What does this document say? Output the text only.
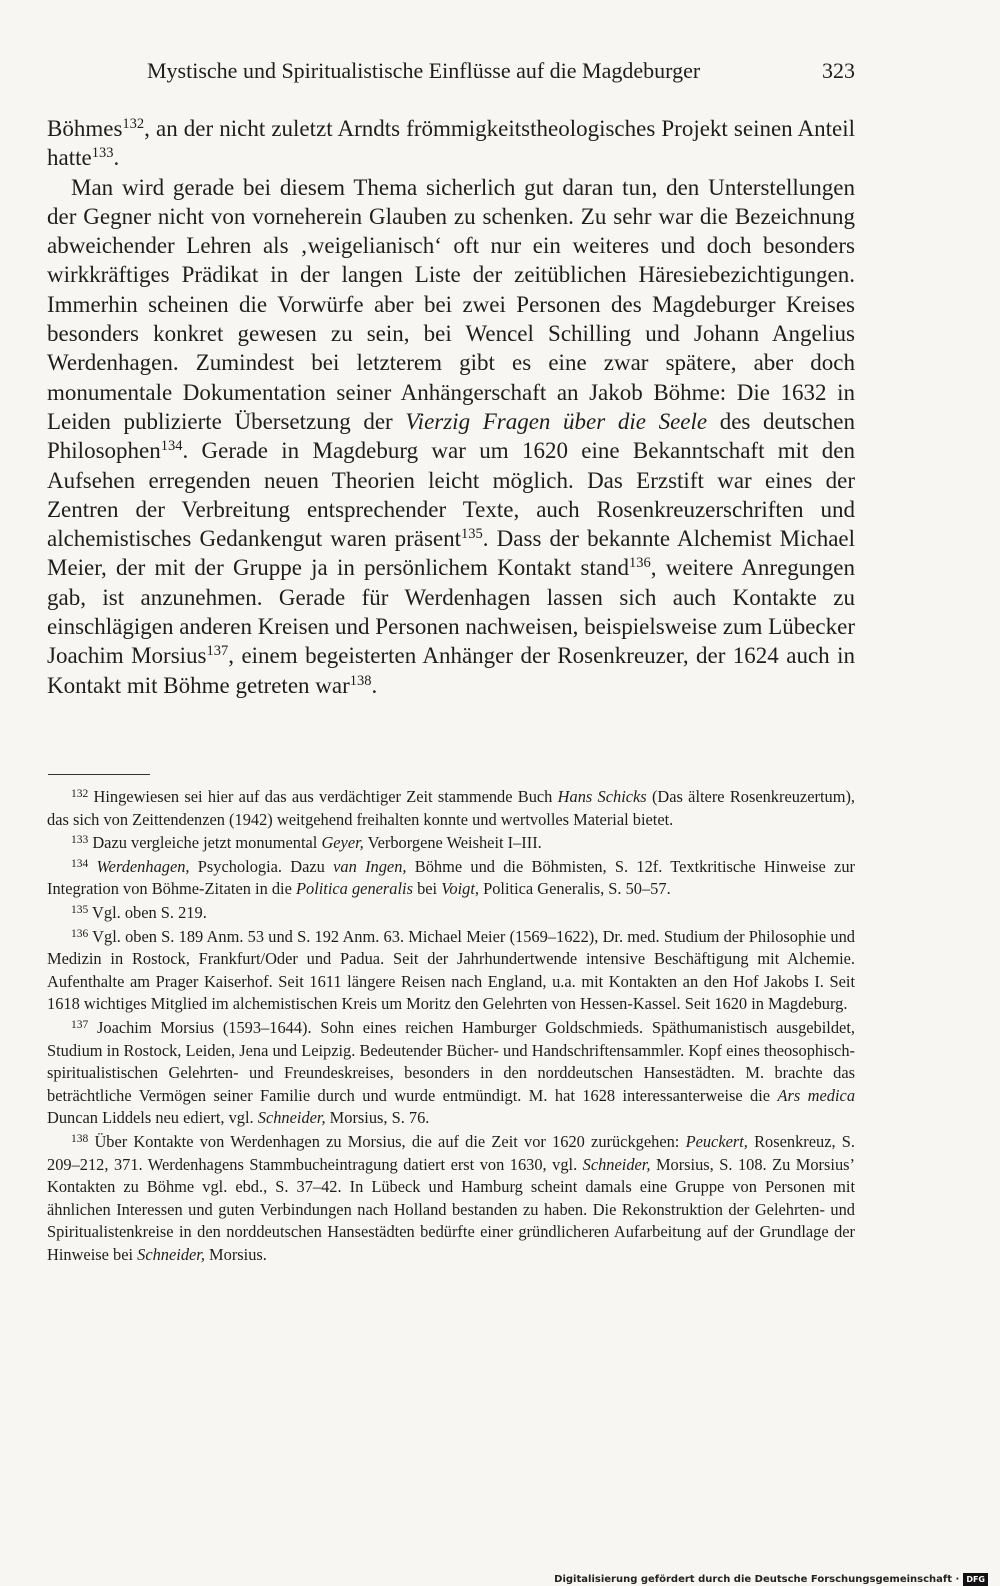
Mystische und Spiritualistische Einflüsse auf die Magdeburger	323

Böhmes$^{132}$, an der nicht zuletzt Arndts frömmigkeitstheologisches Projekt seinen Anteil hatte$^{133}$.

Man wird gerade bei diesem Thema sicherlich gut daran tun, den Unterstellungen der Gegner nicht von vorneherein Glauben zu schenken. Zu sehr war die Bezeichnung abweichender Lehren als ‚weigelianisch‘ oft nur ein weiteres und doch besonders wirkkräftiges Prädikat in der langen Liste der zeitüblichen Häresiebezichtigungen. Immerhin scheinen die Vorwürfe aber bei zwei Personen des Magdeburger Kreises besonders konkret gewesen zu sein, bei Wencel Schilling und Johann Angelius Werdenhagen. Zumindest bei letzterem gibt es eine zwar spätere, aber doch monumentale Dokumentation seiner Anhängerschaft an Jakob Böhme: Die 1632 in Leiden publizierte Übersetzung der Vierzig Fragen über die Seele des deutschen Philosophen$^{134}$. Gerade in Magdeburg war um 1620 eine Bekanntschaft mit den Aufsehen erregenden neuen Theorien leicht möglich. Das Erzstift war eines der Zentren der Verbreitung entsprechender Texte, auch Rosenkreuzerschriften und alchemistisches Gedankengut waren präsent$^{135}$. Dass der bekannte Alchemist Michael Meier, der mit der Gruppe ja in persönlichem Kontakt stand$^{136}$, weitere Anregungen gab, ist anzunehmen. Gerade für Werdenhagen lassen sich auch Kontakte zu einschlägigen anderen Kreisen und Personen nachweisen, beispielsweise zum Lübecker Joachim Morsius$^{137}$, einem begeisterten Anhänger der Rosenkreuzer, der 1624 auch in Kontakt mit Böhme getreten war$^{138}$.

$^{132}$ Hingewiesen sei hier auf das aus verdächtiger Zeit stammende Buch Hans Schicks (Das ältere Rosenkreuzertum), das sich von Zeittendenzen (1942) weitgehend freihalten konnte und wertvolles Material bietet.

$^{133}$ Dazu vergleiche jetzt monumental Geyer, Verborgene Weisheit I–III.

$^{134}$ Werdenhagen, Psychologia. Dazu van Ingen, Böhme und die Böhmisten, S. 12f. Textkritische Hinweise zur Integration von Böhme-Zitaten in die Politica generalis bei Voigt, Politica Generalis, S. 50–57.

$^{135}$ Vgl. oben S. 219.

$^{136}$ Vgl. oben S. 189 Anm. 53 und S. 192 Anm. 63. Michael Meier (1569–1622), Dr. med. Studium der Philosophie und Medizin in Rostock, Frankfurt/Oder und Padua. Seit der Jahrhundertwende intensive Beschäftigung mit Alchemie. Aufenthalte am Prager Kaiserhof. Seit 1611 längere Reisen nach England, u.a. mit Kontakten an den Hof Jakobs I. Seit 1618 wichtiges Mitglied im alchemistischen Kreis um Moritz den Gelehrten von Hessen-Kassel. Seit 1620 in Magdeburg.

$^{137}$ Joachim Morsius (1593–1644). Sohn eines reichen Hamburger Goldschmieds. Späthumanistisch ausgebildet, Studium in Rostock, Leiden, Jena und Leipzig. Bedeutender Bücher- und Handschriftensammler. Kopf eines theosophisch-spiritualistischen Gelehrten- und Freundeskreises, besonders in den norddeutschen Hansestädten. M. brachte das beträchtliche Vermögen seiner Familie durch und wurde entmündigt. M. hat 1628 interessanterweise die Ars medica Duncan Liddels neu ediert, vgl. Schneider, Morsius, S. 76.

$^{138}$ Über Kontakte von Werdenhagen zu Morsius, die auf die Zeit vor 1620 zurückgehen: Peuckert, Rosenkreuz, S. 209–212, 371. Werdenhagens Stammbucheintragung datiert erst von 1630, vgl. Schneider, Morsius, S. 108. Zu Morsius’ Kontakten zu Böhme vgl. ebd., S. 37–42. In Lübeck und Hamburg scheint damals eine Gruppe von Personen mit ähnlichen Interessen und guten Verbindungen nach Holland bestanden zu haben. Die Rekonstruktion der Gelehrten- und Spiritualistenkreise in den norddeutschen Hansestädten bedürfte einer gründlicheren Aufarbeitung auf der Grundlage der Hinweise bei Schneider, Morsius.

Digitalisierung gefördert durch die Deutsche Forschungsgemeinschaft · DFG
